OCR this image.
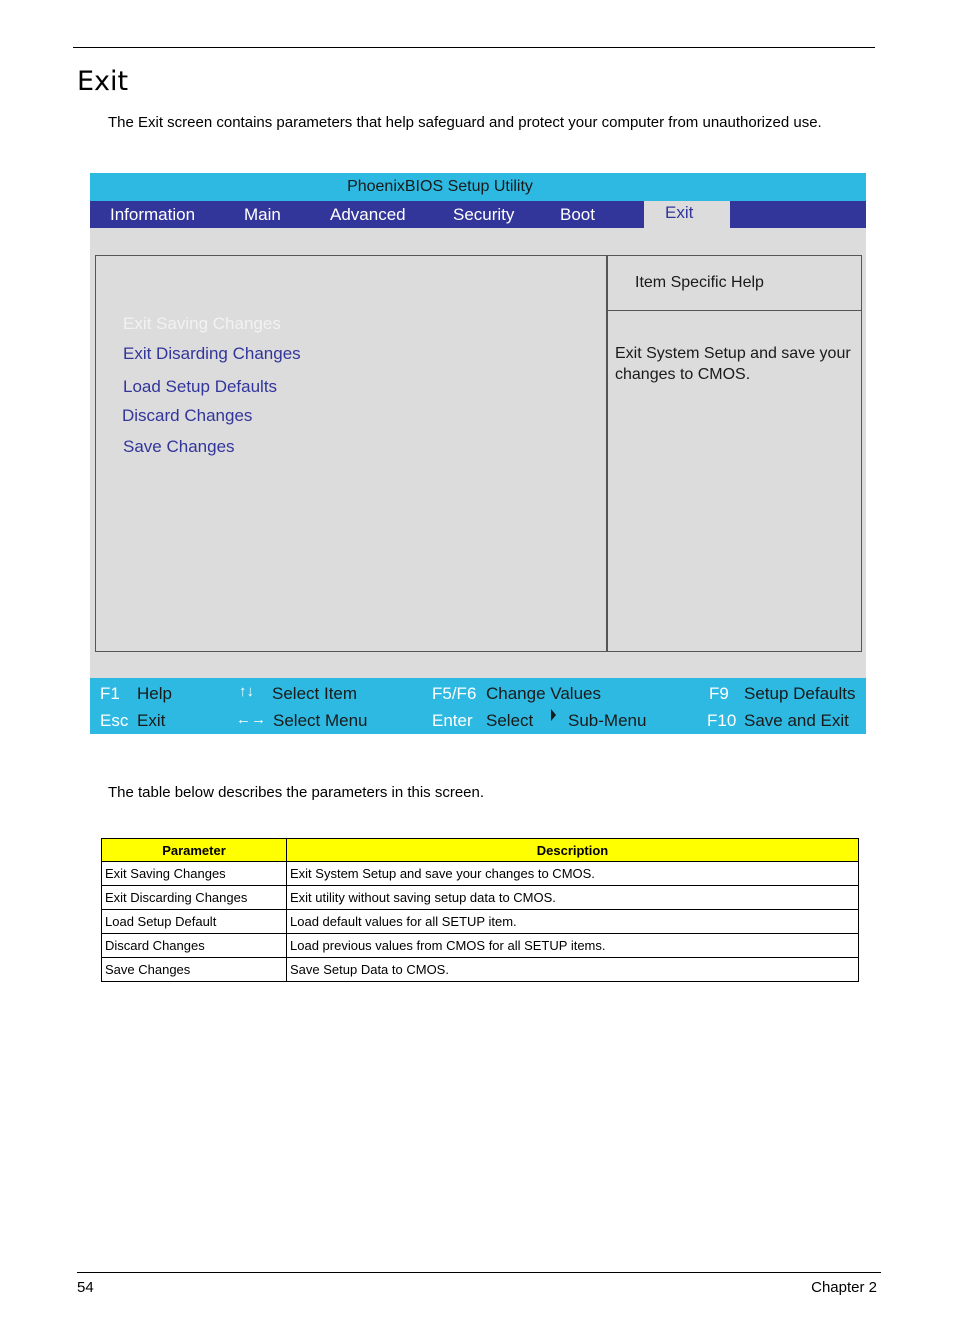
Exit
The Exit screen contains parameters that help safeguard and protect your computer from unauthorized use.
PhoenixBIOS Setup Utility
Information	Main	Advanced	Security	Boot	Exit
Exit Saving Changes
Exit Disarding Changes
Load Setup Defaults
Discard Changes
Save Changes
Item Specific Help
Exit System Setup and save your changes to CMOS.
F1 Help	↑↓ Select Item	F5/F6 Change Values	F9 Setup Defaults
Esc Exit	←→ Select Menu	Enter Select Sub-Menu	F10 Save and Exit
The table below describes the parameters in this screen.
Parameter	Description
Exit Saving Changes	Exit System Setup and save your changes to CMOS.
Exit Discarding Changes	Exit utility without saving setup data to CMOS.
Load Setup Default	Load default values for all SETUP item.
Discard Changes	Load previous values from CMOS for all SETUP items.
Save Changes	Save Setup Data to CMOS.
54	Chapter 2
